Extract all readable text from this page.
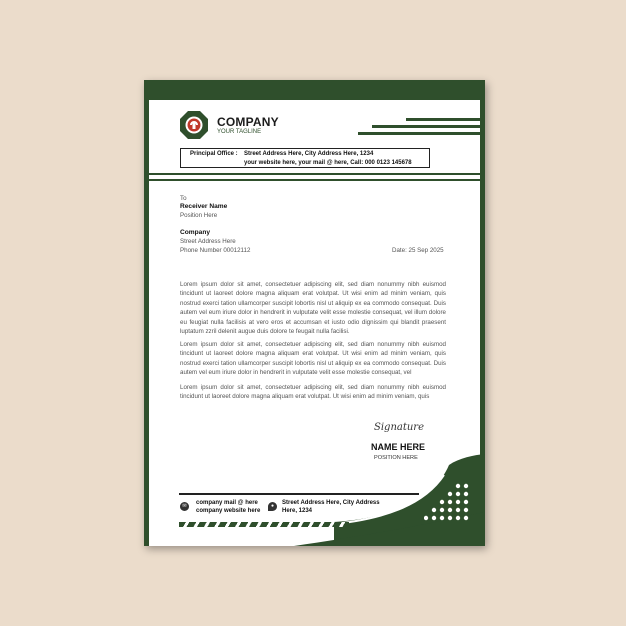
COMPANY
YOUR TAGLINE
Principal Office : Street Address Here, City Address Here, 1234
your website here, your mail @ here, Call: 000 0123 145678
To
Receiver Name
Position Here
Company
Street Address Here
Phone Number 00012112	Date: 25 Sep 2025

Lorem ipsum dolor sit amet, consectetuer adipiscing elit, sed diam nonummy nibh euismod tincidunt ut laoreet dolore magna aliquam erat volutpat. Ut wisi enim ad minim veniam, quis nostrud exerci tation ullamcorper suscipit lobortis nisl ut aliquip ex ea commodo consequat. Duis autem vel eum iriure dolor in hendrerit in vulputate velit esse molestie consequat, vel illum dolore eu feugiat nulla facilisis at vero eros et accumsan et iusto odio dignissim qui blandit praesent luptatum zzril delenit augue duis dolore te feugait nulla facilisi.

Lorem ipsum dolor sit amet, consectetuer adipiscing elit, sed diam nonummy nibh euismod tincidunt ut laoreet dolore magna aliquam erat volutpat. Ut wisi enim ad minim veniam, quis nostrud exerci tation ullamcorper suscipit lobortis nisl ut aliquip ex ea commodo consequat. Duis autem vel eum iriure dolor in hendrerit in vulputate velit esse molestie consequat, vel

Lorem ipsum dolor sit amet, consectetuer adipiscing elit, sed diam nonummy nibh euismod tincidunt ut laoreet dolore magna aliquam erat volutpat. Ut wisi enim ad minim veniam, quis

Signature
NAME HERE
POSITION HERE
✉	company mail @ here
company website here
●	Street Address Here, City Address
Here, 1234
